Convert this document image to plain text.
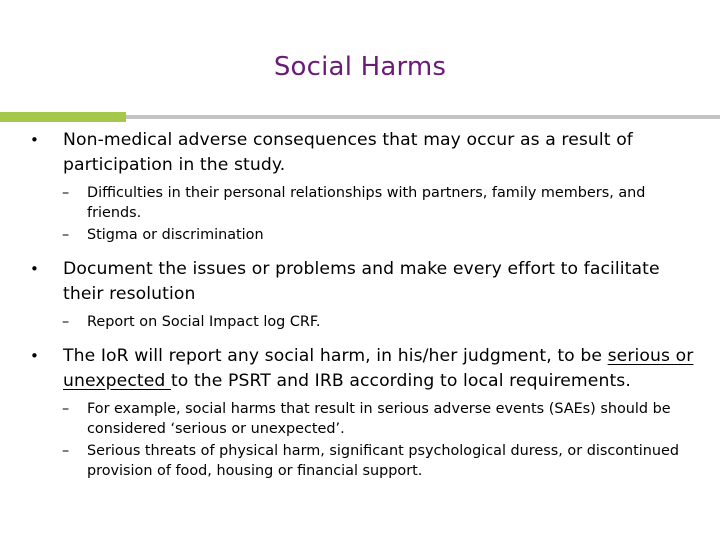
Social Harms
• Non-medical adverse consequences that may occur as a result of participation in the study.
– Difficulties in their personal relationships with partners, family members, and friends.
– Stigma or discrimination
• Document the issues or problems and make every effort to facilitate their resolution
– Report on Social Impact log CRF.
• The IoR will report any social harm, in his/her judgment, to be serious or unexpected to the PSRT and IRB according to local requirements.
– For example, social harms that result in serious adverse events (SAEs) should be considered ‘serious or unexpected’.
– Serious threats of physical harm, significant psychological duress, or discontinued provision of food, housing or financial support.
